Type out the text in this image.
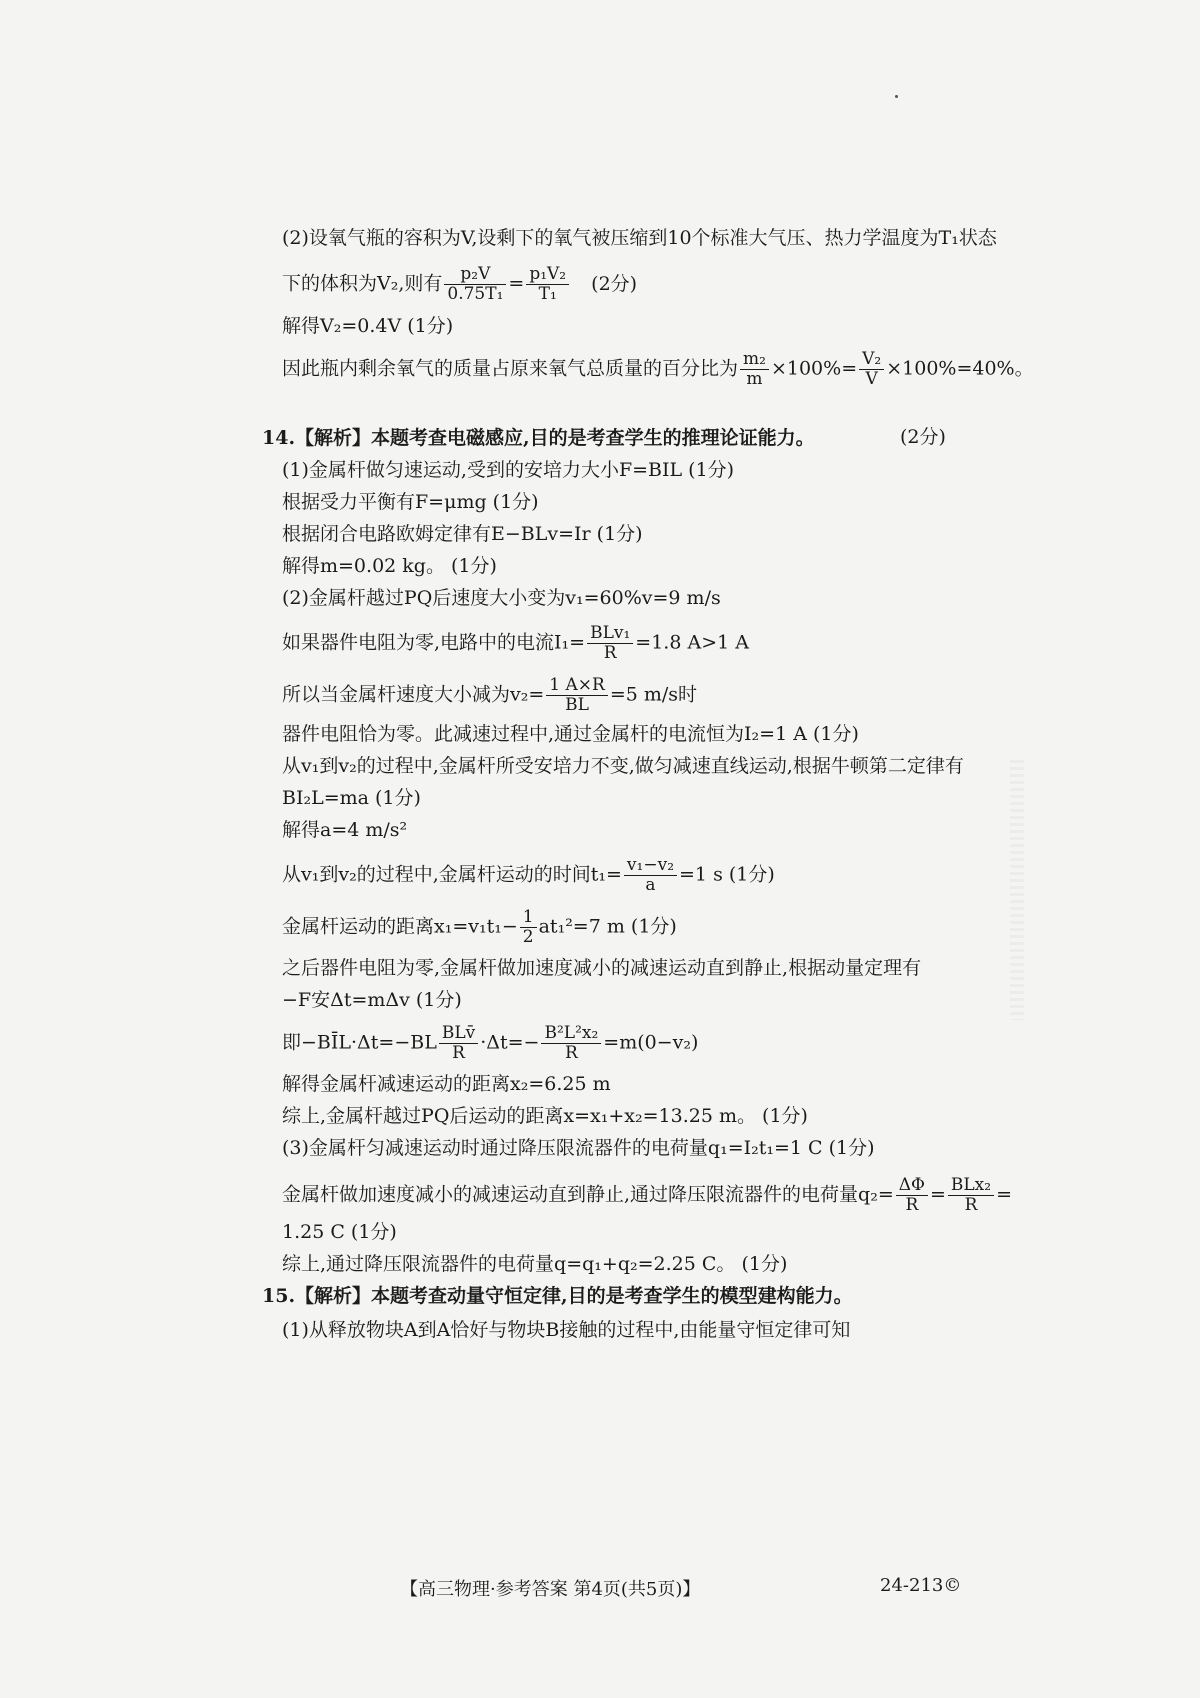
(2)设氧气瓶的容积为V,设剩下的氧气被压缩到10个标准大气压、热力学温度为T₁状态
下的体积为V₂,则有 $\frac{\text{p₂V}}{\text{0.75T₁}} = \frac{\text{p₁V₂}}{\text{T₁}} (2$分)
解得V₂=0.4V (1分)
因此瓶内剩余氧气的质量占原来氧气总质量的百分比为 $\frac{\text{m₂}}{m} \times 100\%= \frac{\text{V₂}}{V} \times 100\%=40\%$。
(2分)
14.【解析】本题考查电磁感应,目的是考查学生的推理论证能力。
(1)金属杆做匀速运动,受到的安培力大小F=BIL (1分)
根据受力平衡有F=μmg (1分)
根据闭合电路欧姆定律有E−BLv=Ir (1分)
解得m=0.02 kg。 (1分)
(2)金属杆越过PQ后速度大小变为v₁=60%v=9 m/s
如果器件电阻为零,电路中的电流$I_1= \frac{\text{BLv₁}}{R} =1.8$ A>1 A
所以当金属杆速度大小减为$v_2= \frac{1 A\times R}{BL} =5$ m/s时
器件电阻恰为零。此减速过程中,通过金属杆的电流恒为I₂=1 A (1分)
从v₁到v₂的过程中,金属杆所受安培力不变,做匀减速直线运动,根据牛顿第二定律有
BI₂L=ma (1分)
解得a=4 m/s²
从v₁到v₂的过程中,金属杆运动的时间$t_1= \frac{\text{v₁−v₂}}{a} =1$ s (1分)
金属杆运动的距离$x_1=v_1t_1- \frac{1}{2} at_1^2=7$ m (1分)
之后器件电阻为零,金属杆做加速度减小的减速运动直到静止,根据动量定理有
−F安Δt=mΔv (1分)
即−BĪL·Δt=−BL $\frac{\text{BLv̄}}{R} \cdot\Delta t=- \frac{\text{B²L²x₂}}{R} =m(0-v_2)$
解得金属杆减速运动的距离x₂=6.25 m
综上,金属杆越过PQ后运动的距离x=x₁+x₂=13.25 m。 (1分)
(3)金属杆匀减速运动时通过降压限流器件的电荷量q₁=I₂t₁=1 C (1分)
金属杆做加速度减小的减速运动直到静止,通过降压限流器件的电荷量$q_2= \frac{\Delta\Phi}{R} = \frac{\text{BLx₂}}{R}$ =
1.25 C (1分)
综上,通过降压限流器件的电荷量q=q₁+q₂=2.25 C。 (1分)
15.【解析】本题考查动量守恒定律,目的是考查学生的模型建构能力。
(1)从释放物块A到A恰好与物块B接触的过程中,由能量守恒定律可知
【高三物理·参考答案 第4页(共5页)】	24-213©
